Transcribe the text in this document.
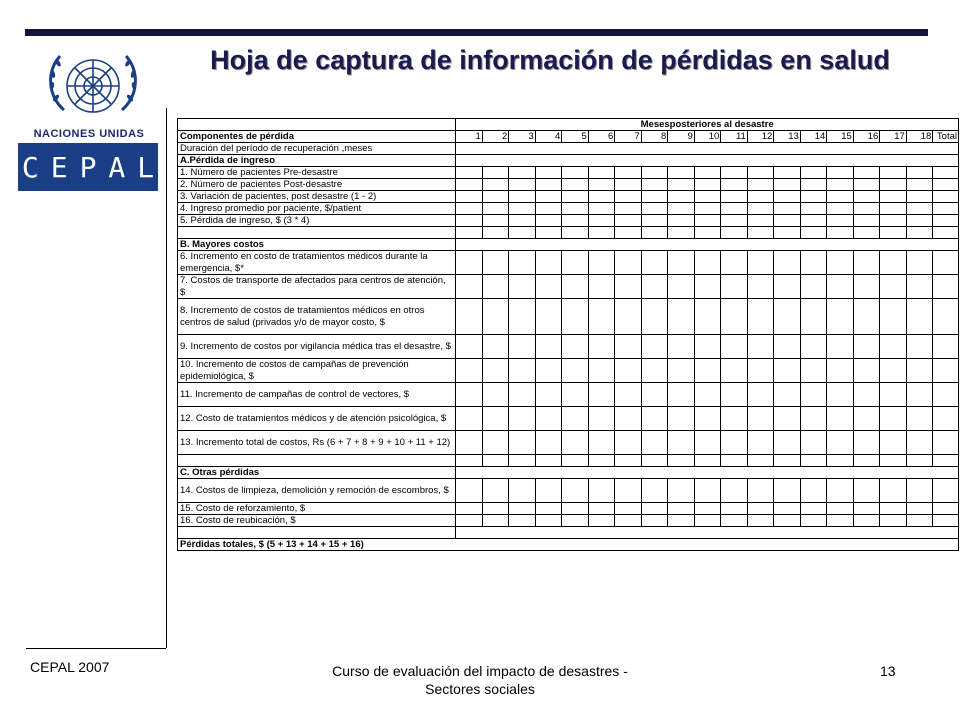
NACIONES UNIDAS
CEPAL
Hoja de captura de información de pérdidas en salud
	Mesesposteriores al desastre																		
Componentes de pérdida	1	2	3	4	5	6	7	8	9	10	11	12	13	14	15	16	17	18	Total
Duración del período de recuperación ,meses																			
A.Pérdida de ingreso																			
1. Número de pacientes Pre-desastre																			
2. Número de pacientes Post-desastre																			
3. Variación de pacientes, post desastre (1 - 2)																			
4. Ingreso promedio por paciente, $/patient																			
5. Pérdida de ingreso, $ (3 * 4)																			

B. Mayores costos																			
6. Incremento en costo de tratamientos médicos durante la emergencia, $*																			
7. Costos de transporte de afectados para centros de atención, $																			
8. Incremento de costos de tratamientos médicos en otros centros de salud (privados y/o de mayor costo, $																			
9. Incremento de costos por vigilancia médica tras el desastre, $																			
10. Incremento de costos de campañas de prevención epidemiológica, $																			
11. Incremento de campañas de control de vectores, $																			
12. Costo de tratamientos médicos y de atención psicológica, $																			
13. Incremento total de costos, Rs (6 + 7 + 8 + 9 + 10 + 11 + 12)																			

C. Otras pérdidas																			
14. Costos de limpieza, demolición y remoción de escombros, $																			
15. Costo de reforzamiento, $																			
16. Costo de reubicación, $																			

Pérdidas totales, $ (5 + 13 + 14 + 15 + 16)																			
CEPAL 2007	Curso de evaluación del impacto de desastres - Sectores sociales
13
